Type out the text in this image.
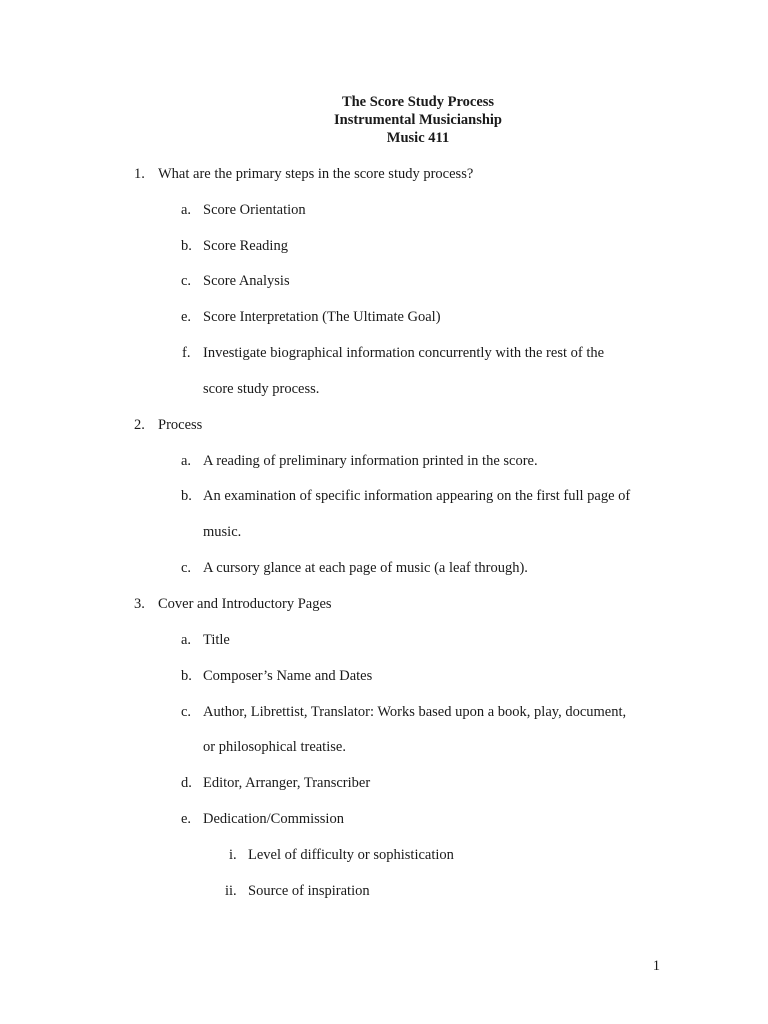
The Score Study Process
Instrumental Musicianship
Music 411
1. What are the primary steps in the score study process?
a. Score Orientation
b. Score Reading
c. Score Analysis
e. Score Interpretation (The Ultimate Goal)
f. Investigate biographical information concurrently with the rest of the
score study process.
2. Process
a. A reading of preliminary information printed in the score.
b. An examination of specific information appearing on the first full page of
music.
c. A cursory glance at each page of music (a leaf through).
3. Cover and Introductory Pages
a. Title
b. Composer’s Name and Dates
c. Author, Librettist, Translator: Works based upon a book, play, document,
or philosophical treatise.
d. Editor, Arranger, Transcriber
e. Dedication/Commission
i. Level of difficulty or sophistication
ii. Source of inspiration
1
